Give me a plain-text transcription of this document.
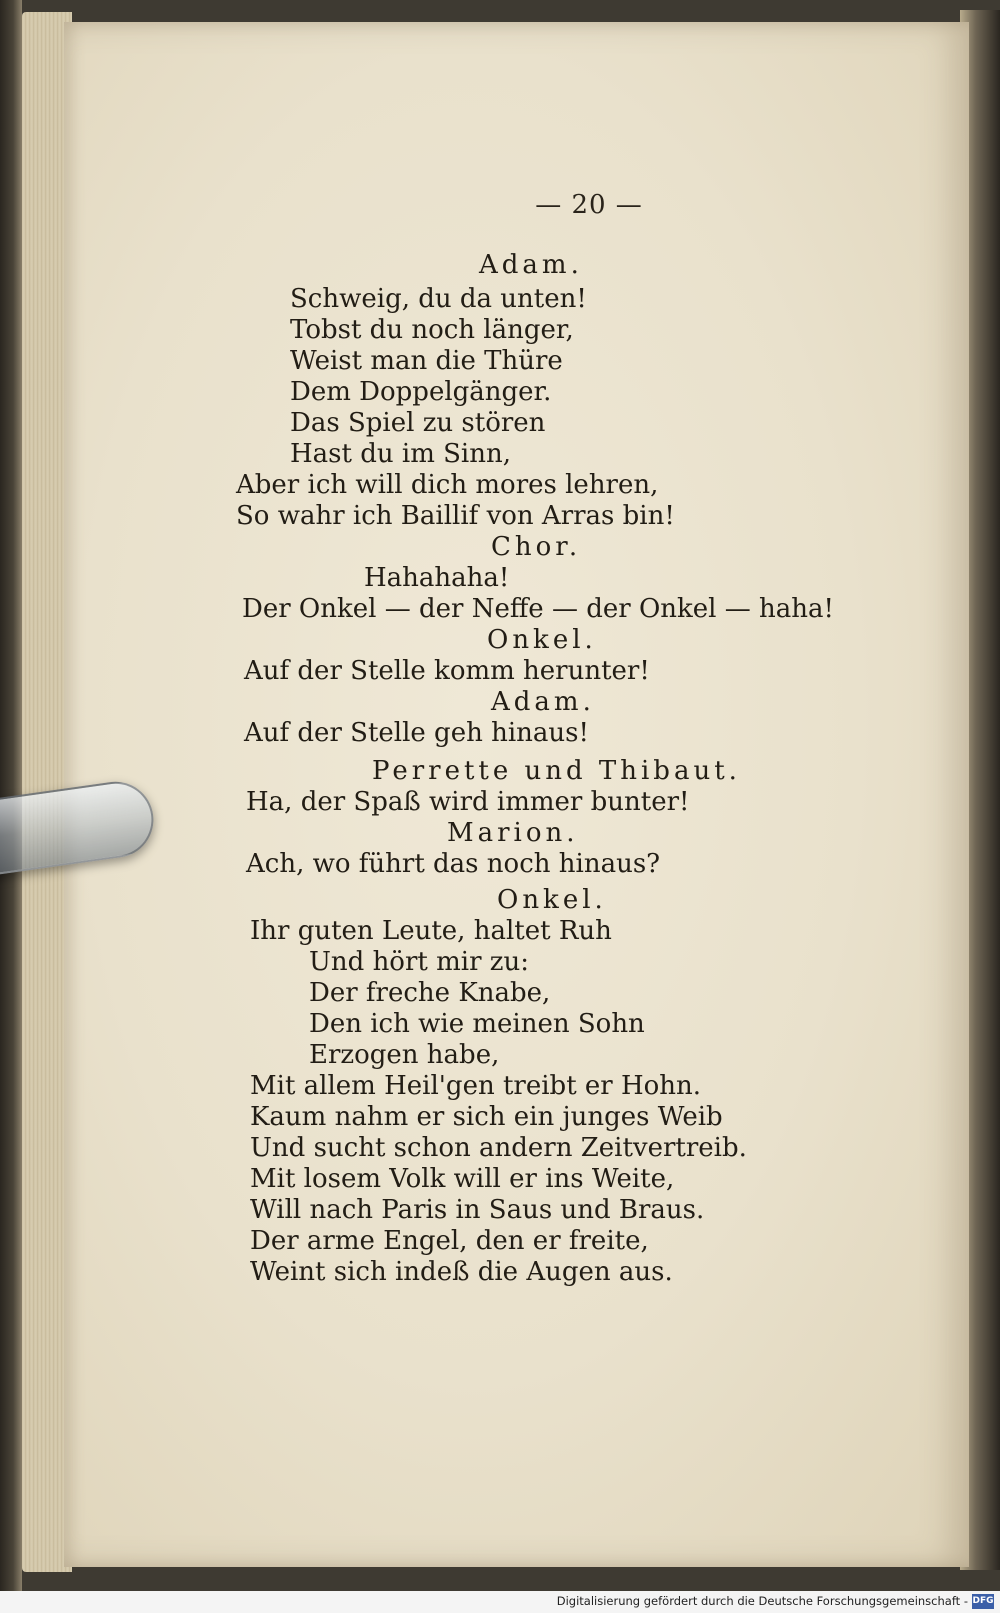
— 20 —
Adam.
Schweig, du da unten!
Tobst du noch länger,
Weist man die Thüre
Dem Doppelgänger.
Das Spiel zu stören
Hast du im Sinn,
Aber ich will dich mores lehren,
So wahr ich Baillif von Arras bin!
Chor.
Hahahaha!
Der Onkel — der Neffe — der Onkel — haha!
Onkel.
Auf der Stelle komm herunter!
Adam.
Auf der Stelle geh hinaus!
Perrette und Thibaut.
Ha, der Spaß wird immer bunter!
Marion.
Ach, wo führt das noch hinaus?
Onkel.
Ihr guten Leute, haltet Ruh
Und hört mir zu:
Der freche Knabe,
Den ich wie meinen Sohn
Erzogen habe,
Mit allem Heil'gen treibt er Hohn.
Kaum nahm er sich ein junges Weib
Und sucht schon andern Zeitvertreib.
Mit losem Volk will er ins Weite,
Will nach Paris in Saus und Braus.
Der arme Engel, den er freite,
Weint sich indeß die Augen aus.
Digitalisierung gefördert durch die Deutsche Forschungsgemeinschaft - DFG
